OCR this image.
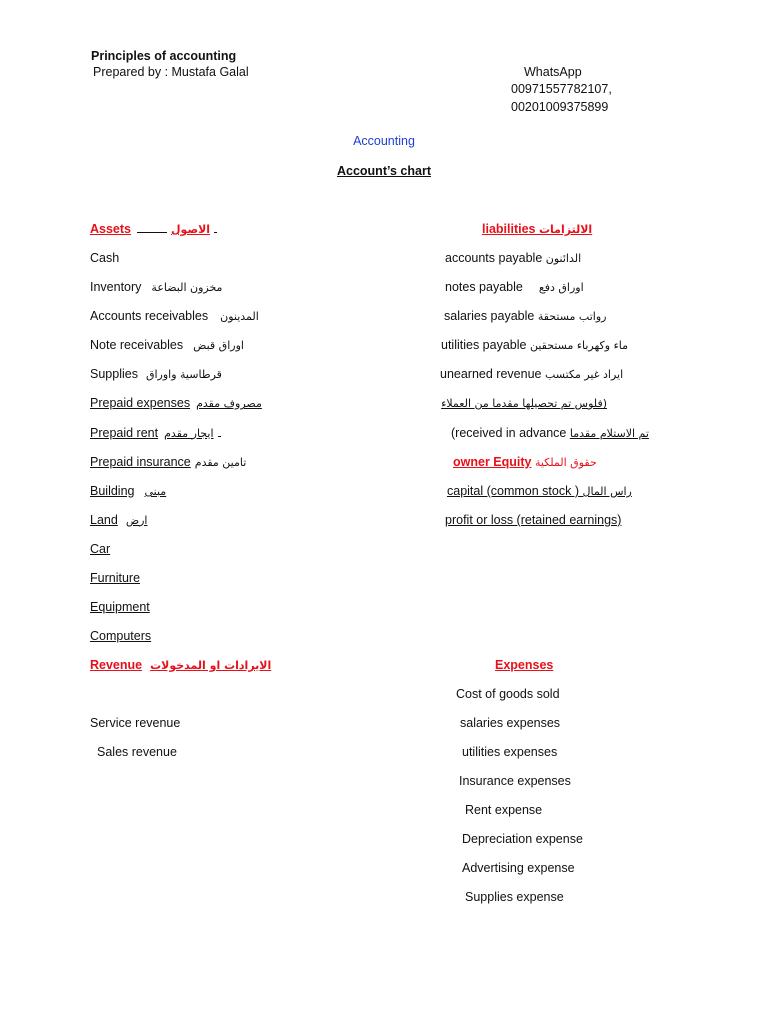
Principles of accounting
Prepared by : Mustafa Galal	WhatsApp
00971557782107,
00201009375899
Accounting
Account’s chart
Assets	الاصول
Cash
Inventory مخزون البضاعة
Accounts receivables المدينون
Note receivables اوراق قبض
Supplies قرطاسية واوراق
Prepaid expenses مصروف مقدم
Prepaid rent ايجار مقدم
Prepaid insurance تامين مقدم
Building مبنى
Land ارض
Car
Furniture
Equipment
Computers
liabilities الالتزامات
accounts payable الدائنون
notes payable اوراق دفع
salaries payable رواتب مستحقة
utilities payable ماء وكهرباء مستحقين
unearned revenue ايراد غير مكتسب
(فلوس تم تحصيلها مقدما من العملاء
(received in advance تم الاستلام مقدما
owner Equity حقوق الملكية
capital (common stock ) راس المال
profit or loss (retained earnings)
Revenue الايرادات او المدخولات
Service revenue
Sales revenue
Expenses
Cost of goods sold
salaries expenses
utilities expenses
Insurance expenses
Rent expense
Depreciation expense
Advertising expense
Supplies expense
